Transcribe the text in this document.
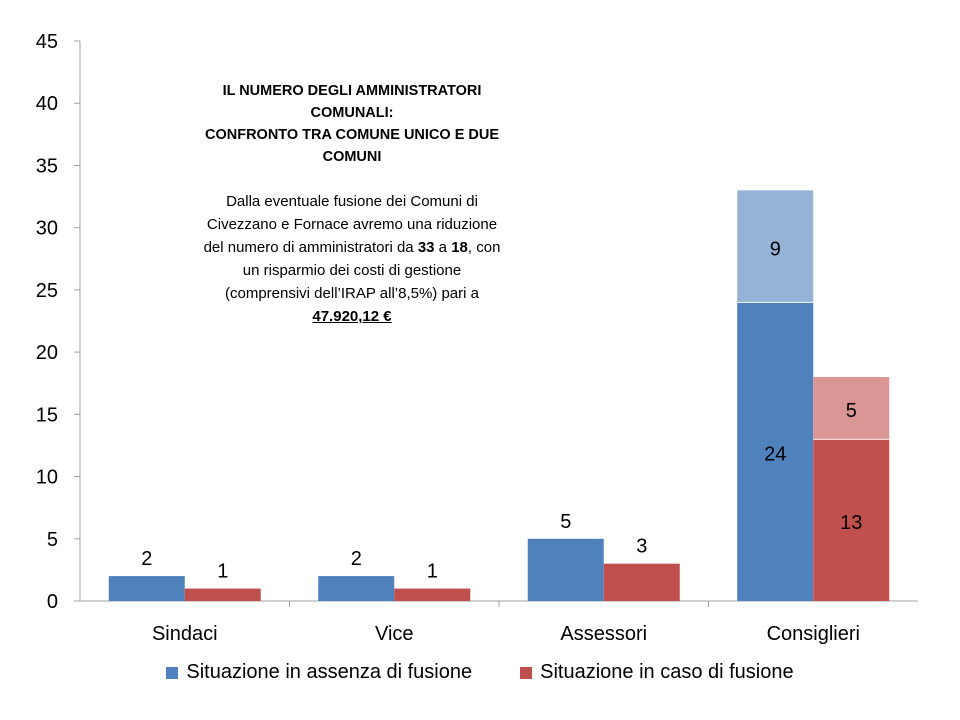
0
5
10
15
20
25
30
35
40
45
Sindaci
2
1
Vice
2
1
Assessori
5
3
Consiglieri
24
9
13
5
IL NUMERO DEGLI AMMINISTRATORI
COMUNALI:
CONFRONTO TRA COMUNE UNICO E DUE
COMUNI
Dalla eventuale fusione dei Comuni di
Civezzano e Fornace avremo una riduzione
del numero di amministratori da 33 a 18, con
un risparmio dei costi di gestione
(comprensivi dell’IRAP all’8,5%) pari a
47.920,12 €
Situazione in assenza di fusione	Situazione in caso di fusione
